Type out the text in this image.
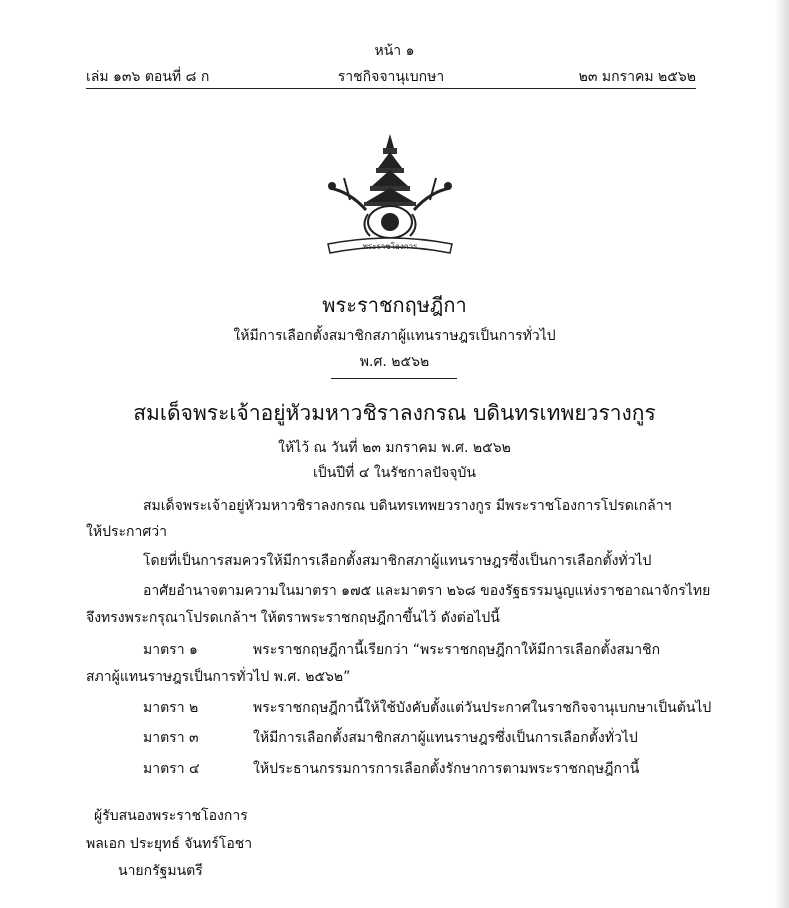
หน้า ๑
เล่ม ๑๓๖ ตอนที่ ๘ ก	ราชกิจจานุเบกษา	๒๓ มกราคม ๒๕๖๒
พระราชโองการ
พระราชกฤษฎีกา
ให้มีการเลือกตั้งสมาชิกสภาผู้แทนราษฎรเป็นการทั่วไป
พ.ศ. ๒๕๖๒
สมเด็จพระเจ้าอยู่หัวมหาวชิราลงกรณ บดินทรเทพยวรางกูร
ให้ไว้ ณ วันที่ ๒๓ มกราคม พ.ศ. ๒๕๖๒
เป็นปีที่ ๔ ในรัชกาลปัจจุบัน
สมเด็จพระเจ้าอยู่หัวมหาวชิราลงกรณ บดินทรเทพยวรางกูร มีพระราชโองการโปรดเกล้าฯ
ให้ประกาศว่า
โดยที่เป็นการสมควรให้มีการเลือกตั้งสมาชิกสภาผู้แทนราษฎรซึ่งเป็นการเลือกตั้งทั่วไป
อาศัยอำนาจตามความในมาตรา ๑๗๕ และมาตรา ๒๖๘ ของรัฐธรรมนูญแห่งราชอาณาจักรไทย
จึงทรงพระกรุณาโปรดเกล้าฯ ให้ตราพระราชกฤษฎีกาขึ้นไว้ ดังต่อไปนี้
มาตรา ๑	พระราชกฤษฎีกานี้เรียกว่า “พระราชกฤษฎีกาให้มีการเลือกตั้งสมาชิก
สภาผู้แทนราษฎรเป็นการทั่วไป พ.ศ. ๒๕๖๒”
มาตรา ๒	พระราชกฤษฎีกานี้ให้ใช้บังคับตั้งแต่วันประกาศในราชกิจจานุเบกษาเป็นต้นไป
มาตรา ๓	ให้มีการเลือกตั้งสมาชิกสภาผู้แทนราษฎรซึ่งเป็นการเลือกตั้งทั่วไป
มาตรา ๔	ให้ประธานกรรมการการเลือกตั้งรักษาการตามพระราชกฤษฎีกานี้
ผู้รับสนองพระราชโองการ
พลเอก ประยุทธ์ จันทร์โอชา
นายกรัฐมนตรี
